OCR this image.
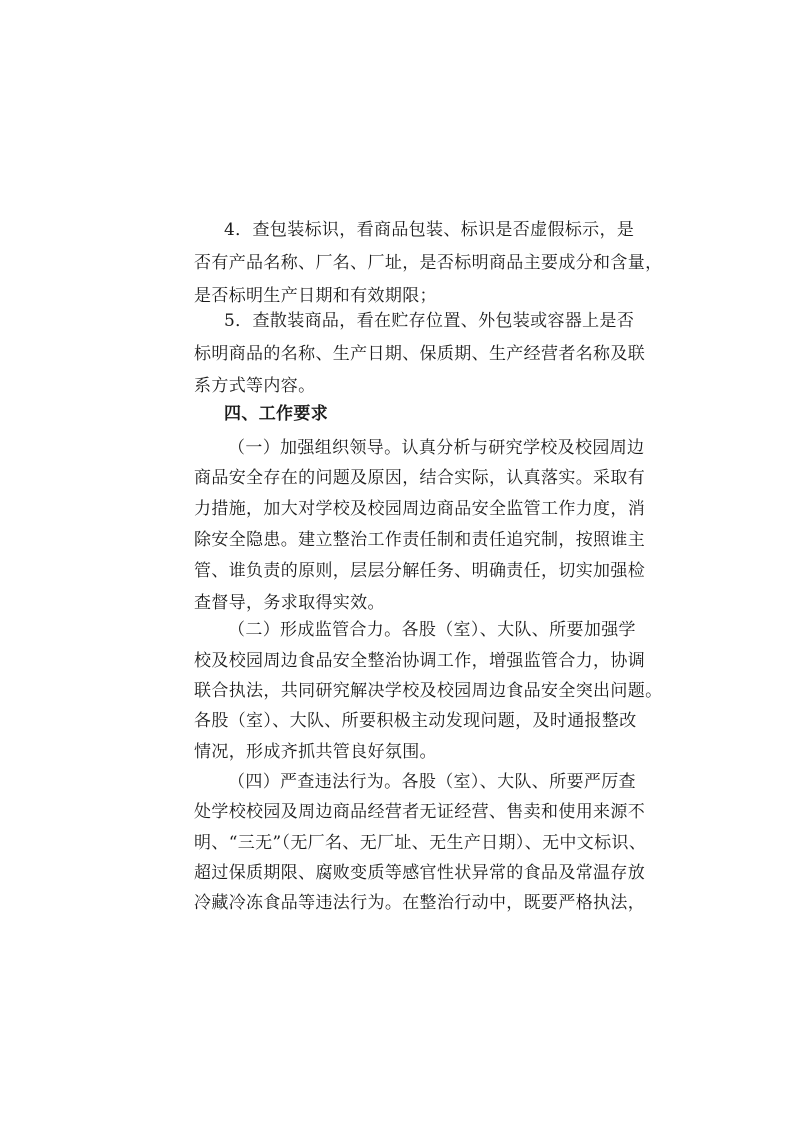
4．查包装标识，看商品包装、标识是否虚假标示，是
否有产品名称、厂名、厂址，是否标明商品主要成分和含量，
是否标明生产日期和有效期限；
5．查散装商品，看在贮存位置、外包装或容器上是否
标明商品的名称、生产日期、保质期、生产经营者名称及联
系方式等内容。
四、工作要求
（一）加强组织领导。认真分析与研究学校及校园周边
商品安全存在的问题及原因，结合实际，认真落实。采取有
力措施，加大对学校及校园周边商品安全监管工作力度，消
除安全隐患。建立整治工作责任制和责任追究制，按照谁主
管、谁负责的原则，层层分解任务、明确责任，切实加强检
查督导，务求取得实效。
（二）形成监管合力。各股（室）、大队、所要加强学
校及校园周边食品安全整治协调工作，增强监管合力，协调
联合执法，共同研究解决学校及校园周边食品安全突出问题。
各股（室）、大队、所要积极主动发现问题，及时通报整改
情况，形成齐抓共管良好氛围。
（四）严查违法行为。各股（室）、大队、所要严厉查
处学校校园及周边商品经营者无证经营、售卖和使用来源不
明、“三无”（无厂名、无厂址、无生产日期）、无中文标识、
超过保质期限、腐败变质等感官性状异常的食品及常温存放
冷藏冷冻食品等违法行为。在整治行动中，既要严格执法，
